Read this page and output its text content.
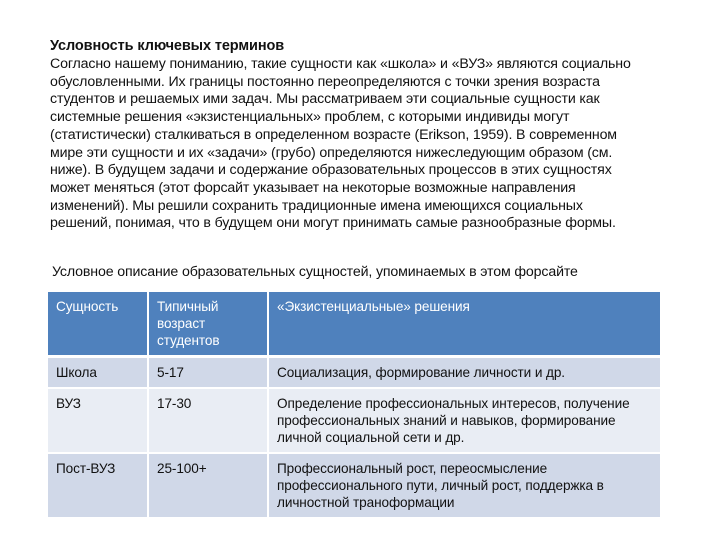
Условность ключевых терминов
Согласно нашему пониманию, такие сущности как «школа» и «ВУЗ» являются социально
обусловленными. Их границы постоянно переопределяются с точки зрения возраста
студентов и решаемых ими задач. Мы рассматриваем эти социальные сущности как
системные решения «экзистенциальных» проблем, с которыми индивиды могут
(статистически) сталкиваться в определенном возрасте (Erikson, 1959). В современном
мире эти сущности и их «задачи» (грубо) определяются нижеследующим образом (см.
ниже). В будущем задачи и содержание образовательных процессов в этих сущностях
может меняться (этот форсайт указывает на некоторые возможные направления
изменений). Мы решили сохранить традиционные имена имеющихся социальных
решений, понимая, что в будущем они могут принимать самые разнообразные формы.
Условное описание образовательных сущностей, упоминаемых в этом форсайте
Сущность	Типичный возраст студентов	«Экзистенциальные» решения
Школа	5-17	Социализация, формирование личности и др.
ВУЗ	17-30	Определение профессиональных интересов, получение профессиональных знаний и навыков, формирование личной социальной сети и др.
Пост-ВУЗ	25-100+	Профессиональный рост, переосмысление профессионального пути, личный рост, поддержка в личностной траноформации
